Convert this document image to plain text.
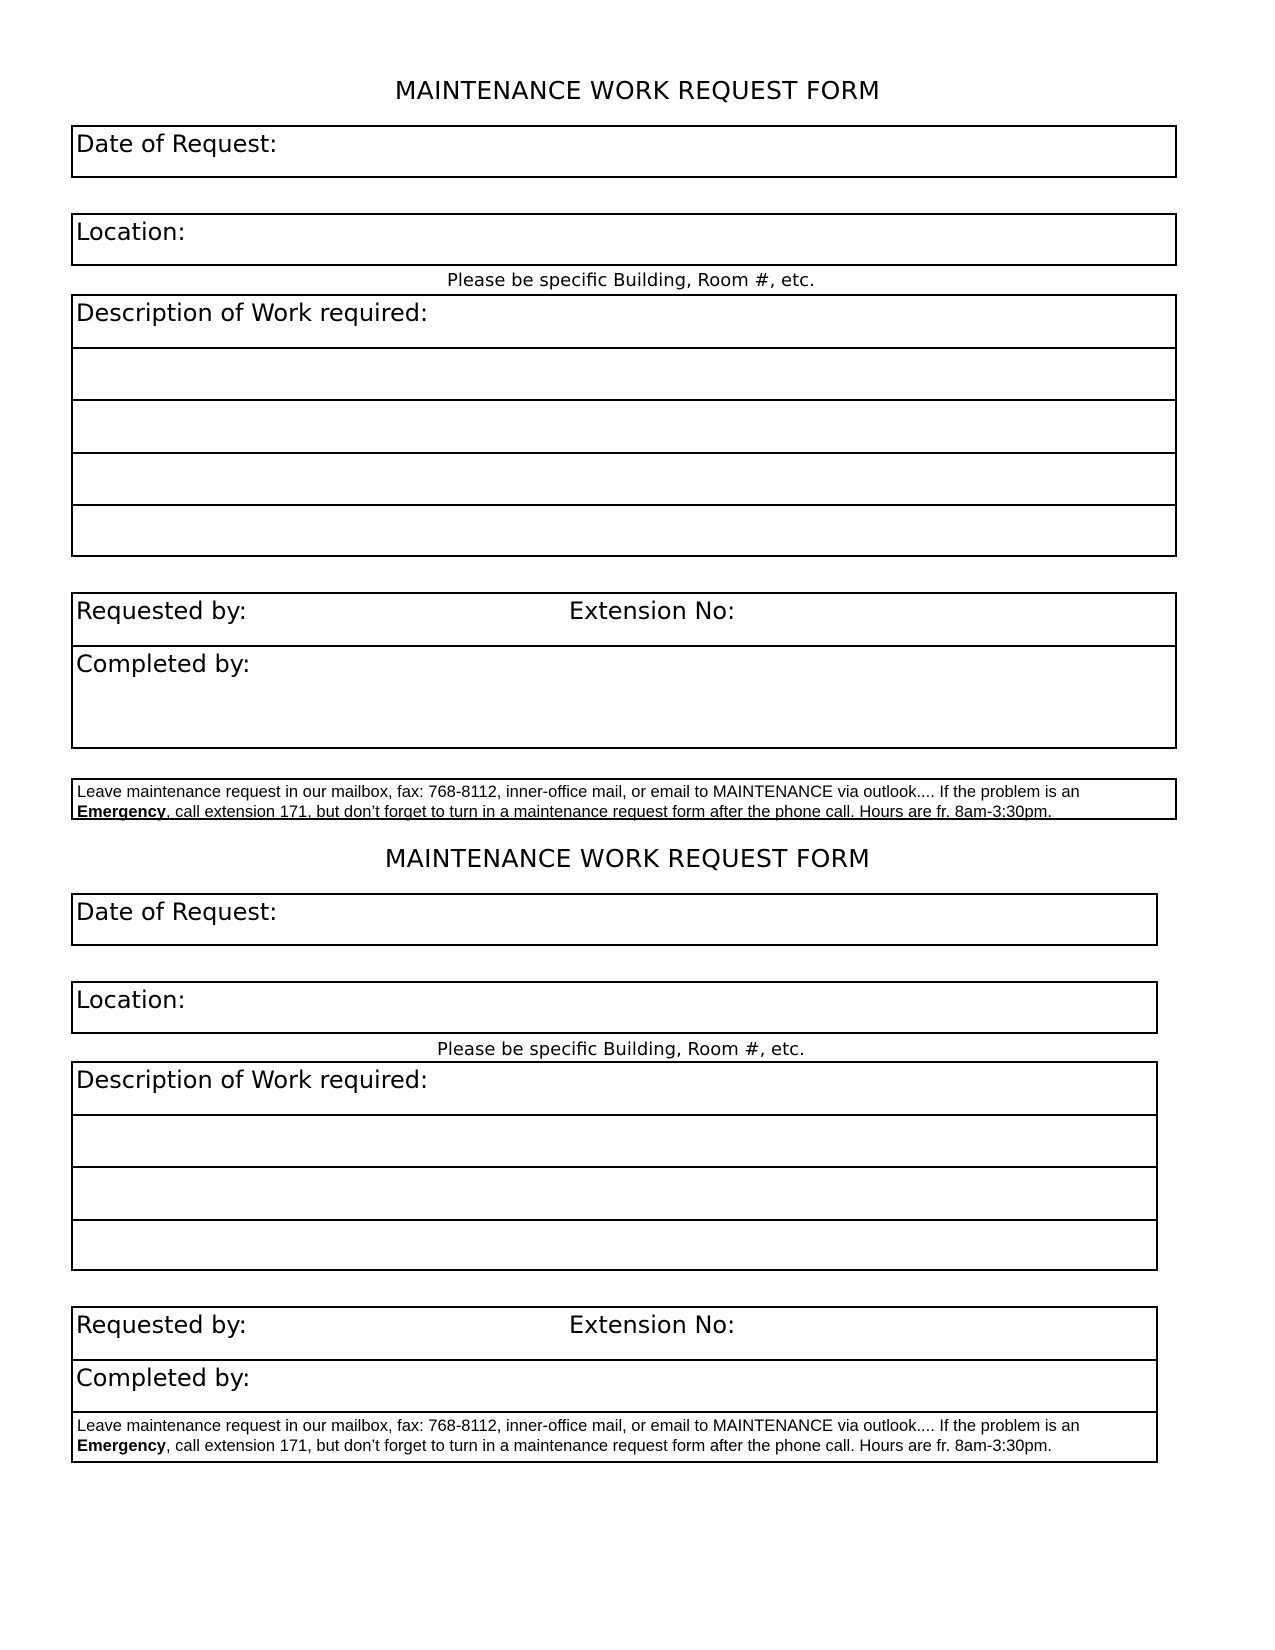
MAINTENANCE WORK REQUEST FORM
Date of Request:
Location:
Please be specific Building, Room #, etc.
Description of Work required:
Requested by:	Extension No:
Completed by:
Leave maintenance request in our mailbox, fax: 768-8112, inner-office mail, or email to MAINTENANCE via outlook.... If the problem is an
Emergency, call extension 171, but don’t forget to turn in a maintenance request form after the phone call. Hours are fr. 8am-3:30pm.
MAINTENANCE WORK REQUEST FORM
Date of Request:
Location:
Please be specific Building, Room #, etc.
Description of Work required:
Requested by:	Extension No:
Completed by:
Leave maintenance request in our mailbox, fax: 768-8112, inner-office mail, or email to MAINTENANCE via outlook.... If the problem is an
Emergency, call extension 171, but don’t forget to turn in a maintenance request form after the phone call. Hours are fr. 8am-3:30pm.
